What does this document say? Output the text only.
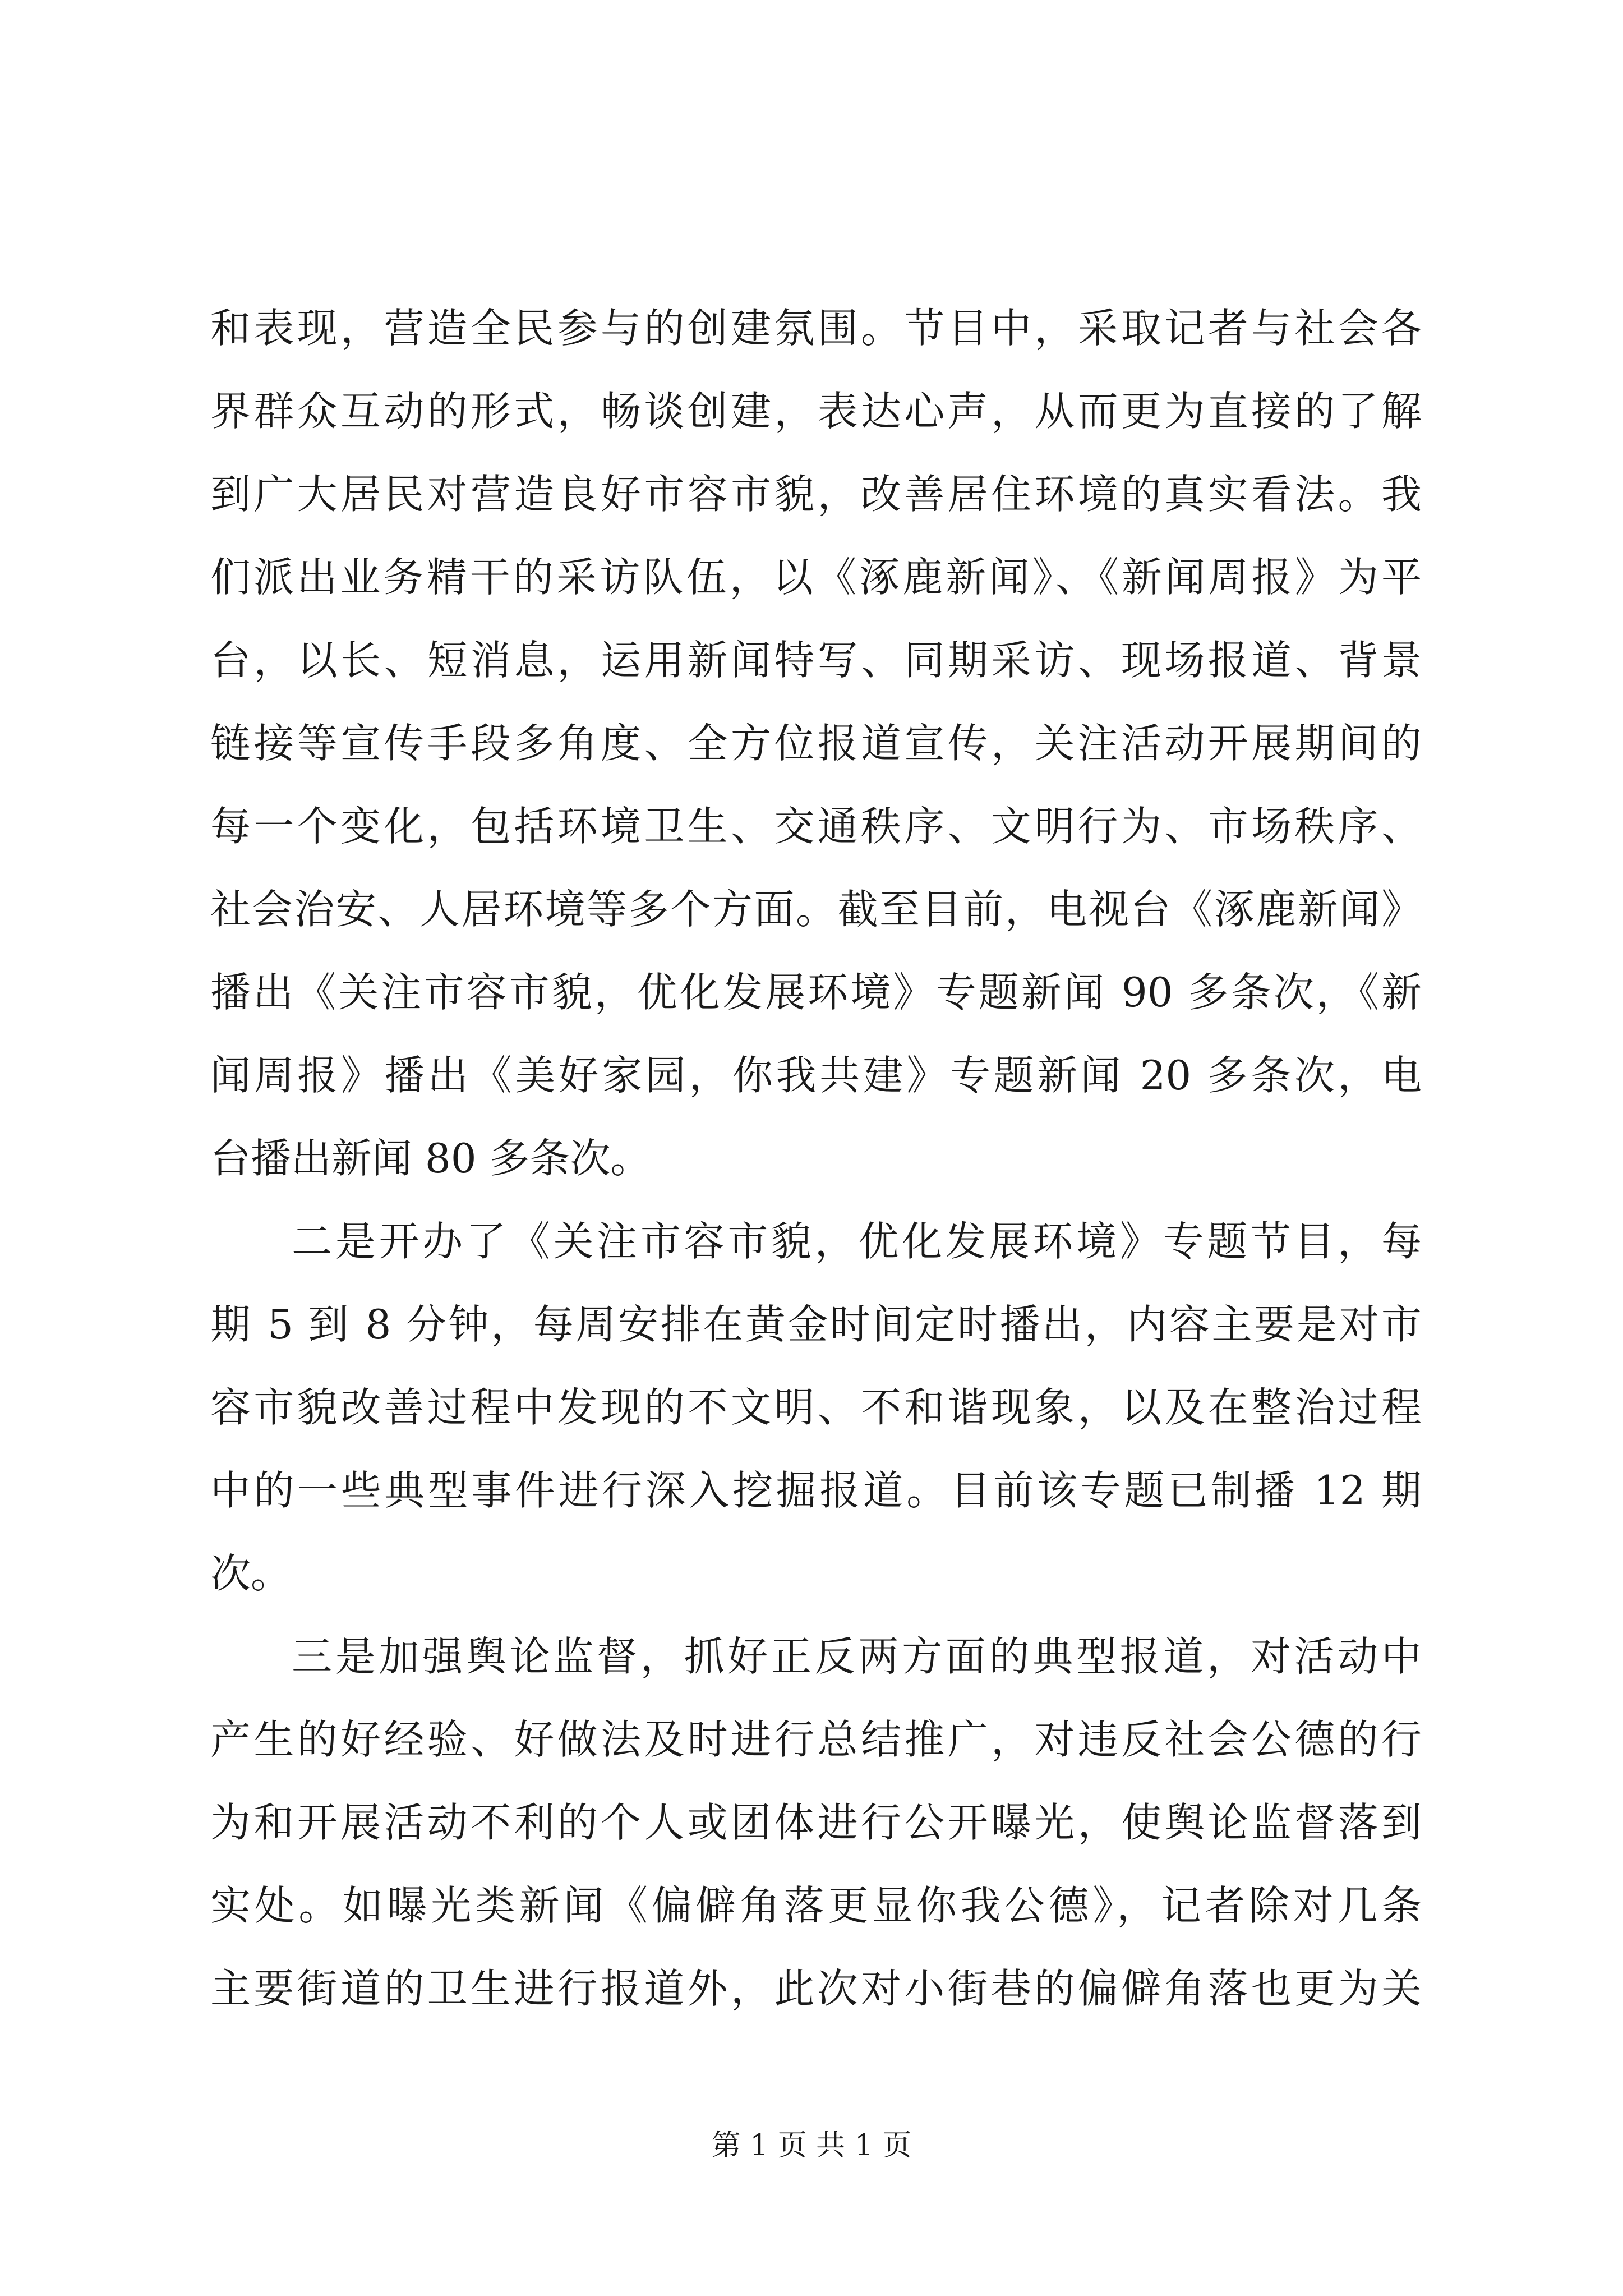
和表现，营造全民参与的创建氛围。节目中，采取记者与社会各
界群众互动的形式，畅谈创建，表达心声，从而更为直接的了解
到广大居民对营造良好市容市貌，改善居住环境的真实看法。我
们派出业务精干的采访队伍，以《涿鹿新闻》、《新闻周报》为平
台，以长、短消息，运用新闻特写、同期采访、现场报道、背景
链接等宣传手段多角度、全方位报道宣传，关注活动开展期间的
每一个变化，包括环境卫生、交通秩序、文明行为、市场秩序、
社会治安、人居环境等多个方面。截至目前，电视台《涿鹿新闻》
播出《关注市容市貌，优化发展环境》专题新闻 90 多条次，《新
闻周报》播出《美好家园，你我共建》专题新闻 20 多条次，电
台播出新闻 80 多条次。
二是开办了《关注市容市貌，优化发展环境》专题节目，每
期 5 到 8 分钟，每周安排在黄金时间定时播出，内容主要是对市
容市貌改善过程中发现的不文明、不和谐现象，以及在整治过程
中的一些典型事件进行深入挖掘报道。目前该专题已制播 12 期
次。
三是加强舆论监督，抓好正反两方面的典型报道，对活动中
产生的好经验、好做法及时进行总结推广，对违反社会公德的行
为和开展活动不利的个人或团体进行公开曝光，使舆论监督落到
实处。如曝光类新闻《偏僻角落更显你我公德》，记者除对几条
主要街道的卫生进行报道外，此次对小街巷的偏僻角落也更为关
第 1 页 共 1 页
